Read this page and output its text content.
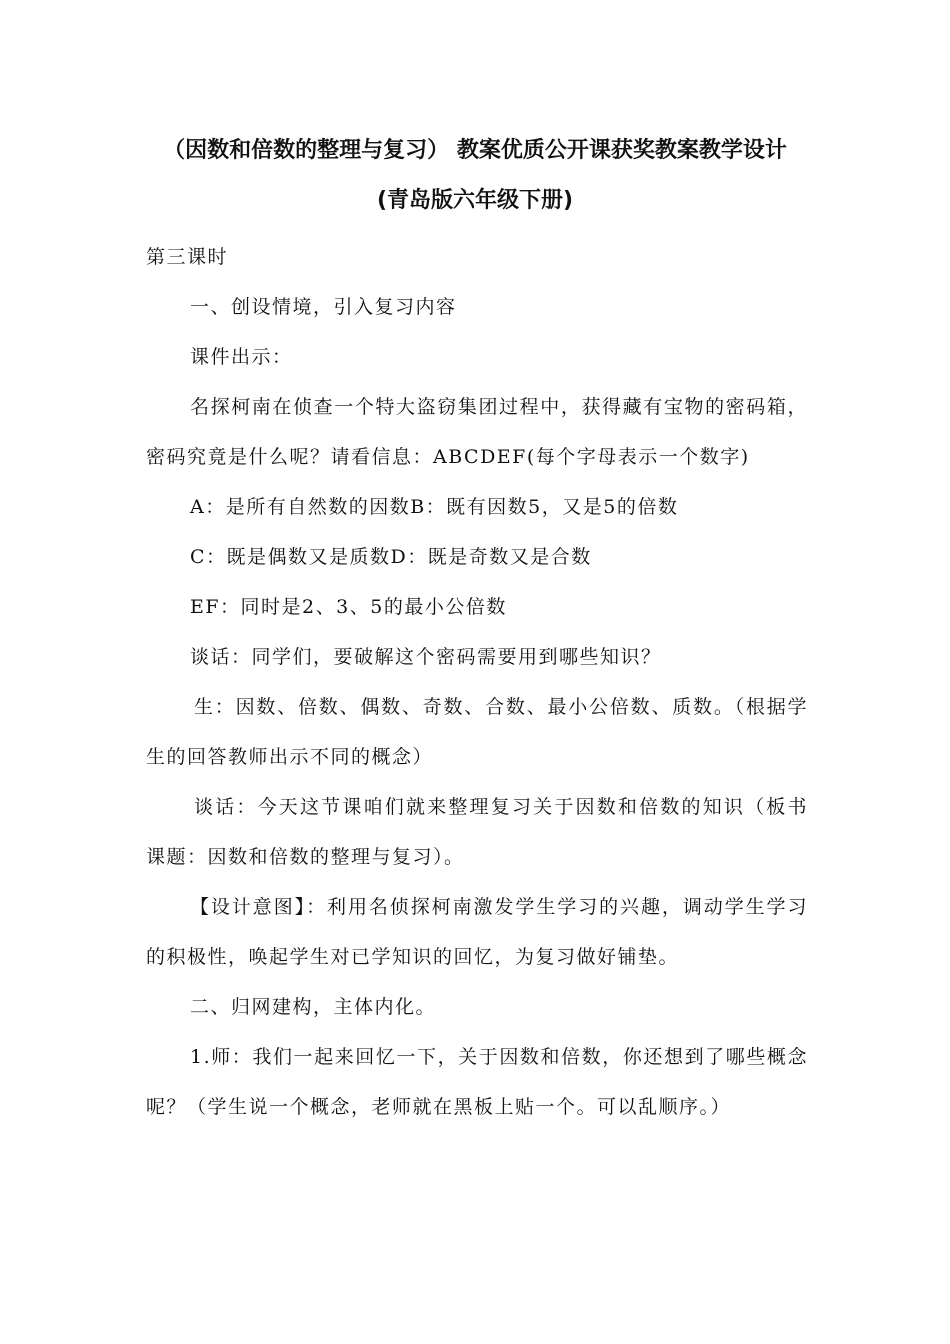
（因数和倍数的整理与复习） 教案优质公开课获奖教案教学设计
(青岛版六年级下册)

第三课时

一、创设情境，引入复习内容

课件出示：

名探柯南在侦查一个特大盗窃集团过程中，获得藏有宝物的密码箱，密码究竟是什么呢？请看信息：ABCDEF(每个字母表示一个数字)

A：是所有自然数的因数B：既有因数5，又是5的倍数

C：既是偶数又是质数D：既是奇数又是合数

EF：同时是2、3、5的最小公倍数

谈话：同学们，要破解这个密码需要用到哪些知识？

生：因数、倍数、偶数、奇数、合数、最小公倍数、质数。（根据学生的回答教师出示不同的概念）

谈话：今天这节课咱们就来整理复习关于因数和倍数的知识（板书课题：因数和倍数的整理与复习）。

【设计意图】：利用名侦探柯南激发学生学习的兴趣，调动学生学习的积极性，唤起学生对已学知识的回忆，为复习做好铺垫。

二、归网建构，主体内化。

1.师：我们一起来回忆一下，关于因数和倍数，你还想到了哪些概念呢？（学生说一个概念，老师就在黑板上贴一个。可以乱顺序。）
